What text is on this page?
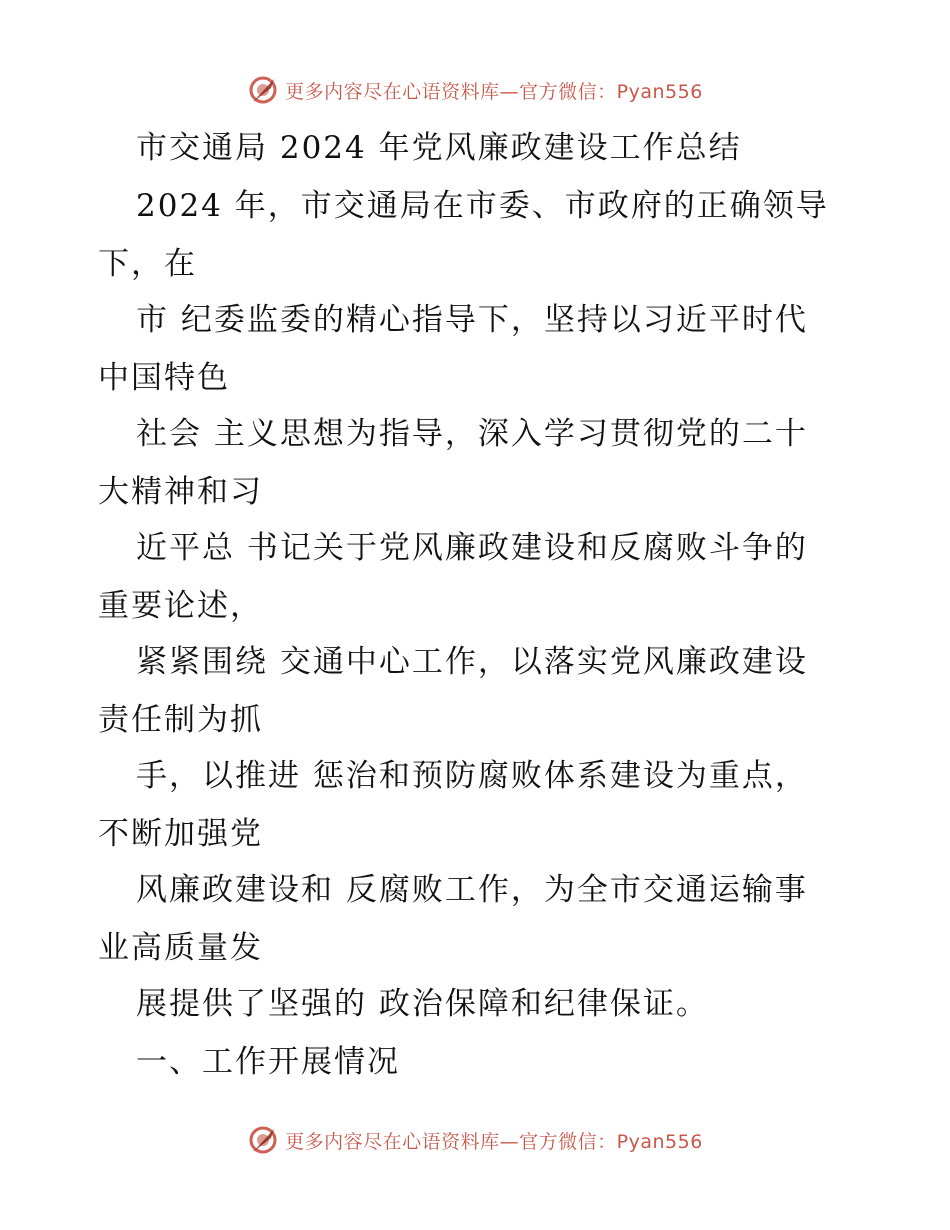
更多内容尽在心语资料库—官方微信：Pyan556
市交通局 2024 年党风廉政建设工作总结
2024 年，市交通局在市委、市政府的正确领导
下，在
市 纪委监委的精心指导下，坚持以习近平时代
中国特色
社会 主义思想为指导，深入学习贯彻党的二十
大精神和习
近平总 书记关于党风廉政建设和反腐败斗争的
重要论述，
紧紧围绕 交通中心工作，以落实党风廉政建设
责任制为抓
手，以推进 惩治和预防腐败体系建设为重点，
不断加强党
风廉政建设和 反腐败工作，为全市交通运输事
业高质量发
展提供了坚强的 政治保障和纪律保证。
一、工作开展情况
更多内容尽在心语资料库—官方微信：Pyan556
